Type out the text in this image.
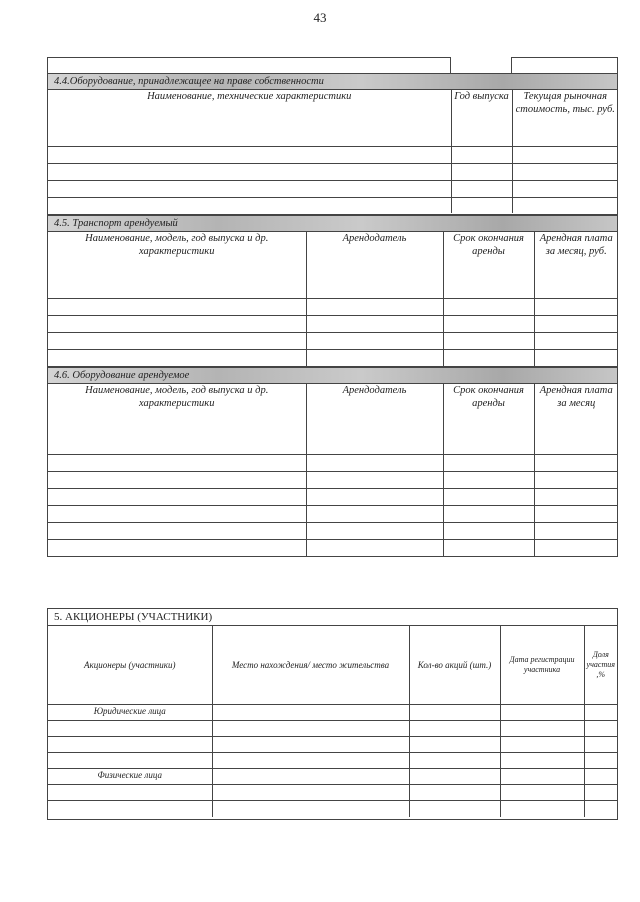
43
4.4.Оборудование, принадлежащее на праве собственности
Наименование, технические характеристики	Год выпуска	Текущая рыночная стоимость, тыс. руб.

4.5. Транспорт арендуемый
Наименование, модель, год выпуска и др. характеристики	Арендодатель	Срок окончания аренды	Арендная плата за месяц, руб.

4.6. Оборудование арендуемое
Наименование, модель, год выпуска и др. характеристики	Арендодатель	Срок окончания аренды	Арендная плата за месяц

5. АКЦИОНЕРЫ (УЧАСТНИКИ)
Акционеры (участники)	Место нахождения/ место жительства	Кол-во акций (шт.)	Дата регистрации участника	Доля участия ,%
Юридические лица				

Физические лица				
